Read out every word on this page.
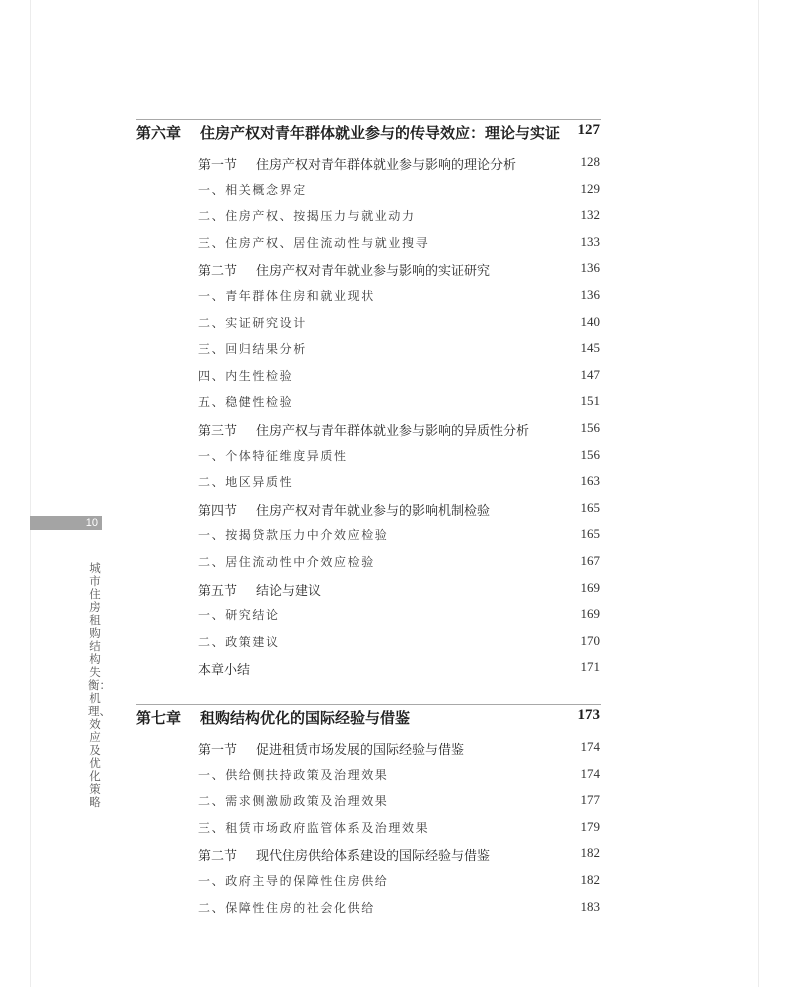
10
城市住房租购结构失衡：机理、效应及优化策略
第六章 住房产权对青年群体就业参与的传导效应：理论与实证 127
第一节 住房产权对青年群体就业参与影响的理论分析	128
一、相关概念界定	129
二、住房产权、按揭压力与就业动力	132
三、住房产权、居住流动性与就业搜寻	133
第二节 住房产权对青年就业参与影响的实证研究	136
一、青年群体住房和就业现状	136
二、实证研究设计	140
三、回归结果分析	145
四、内生性检验	147
五、稳健性检验	151
第三节 住房产权与青年群体就业参与影响的异质性分析	156
一、个体特征维度异质性	156
二、地区异质性	163
第四节 住房产权对青年就业参与的影响机制检验	165
一、按揭贷款压力中介效应检验	165
二、居住流动性中介效应检验	167
第五节 结论与建议	169
一、研究结论	169
二、政策建议	170
本章小结	171
第七章 租购结构优化的国际经验与借鉴	173
第一节 促进租赁市场发展的国际经验与借鉴	174
一、供给侧扶持政策及治理效果	174
二、需求侧激励政策及治理效果	177
三、租赁市场政府监管体系及治理效果	179
第二节 现代住房供给体系建设的国际经验与借鉴	182
一、政府主导的保障性住房供给	182
二、保障性住房的社会化供给	183
